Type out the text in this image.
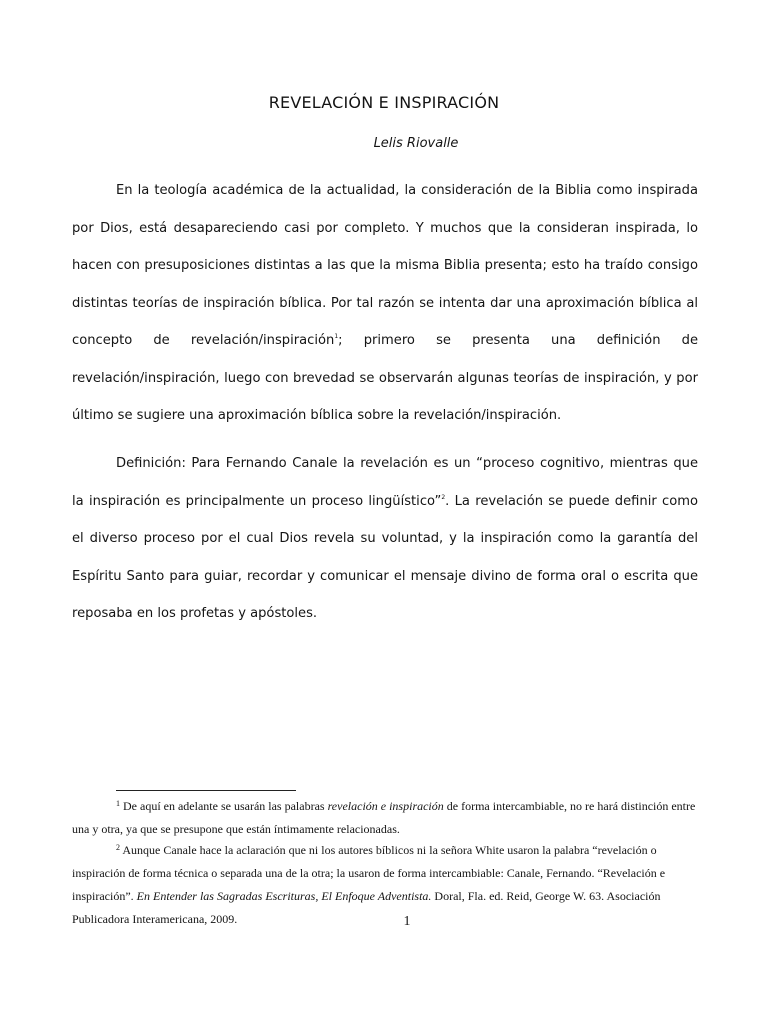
REVELACIÓN E INSPIRACIÓN
Lelis Riovalle

En la teología académica de la actualidad, la consideración de la Biblia como inspirada por Dios, está desapareciendo casi por completo. Y muchos que la consideran inspirada, lo hacen con presuposiciones distintas a las que la misma Biblia presenta; esto ha traído consigo distintas teorías de inspiración bíblica. Por tal razón se intenta dar una aproximación bíblica al concepto de revelación/inspiración$^1$; primero se presenta una definición de revelación/inspiración, luego con brevedad se observarán algunas teorías de inspiración, y por último se sugiere una aproximación bíblica sobre la revelación/inspiración.

Definición: Para Fernando Canale la revelación es un “proceso cognitivo, mientras que la inspiración es principalmente un proceso lingüístico”$^2$. La revelación se puede definir como el diverso proceso por el cual Dios revela su voluntad, y la inspiración como la garantía del Espíritu Santo para guiar, recordar y comunicar el mensaje divino de forma oral o escrita que reposaba en los profetas y apóstoles.

$^1$ De aquí en adelante se usarán las palabras revelación e inspiración de forma intercambiable, no re hará distinción entre una y otra, ya que se presupone que están íntimamente relacionadas.

$^2$ Aunque Canale hace la aclaración que ni los autores bíblicos ni la señora White usaron la palabra “revelación o inspiración de forma técnica o separada una de la otra; la usaron de forma intercambiable: Canale, Fernando. “Revelación e inspiración”. En Entender las Sagradas Escrituras, El Enfoque Adventista. Doral, Fla. ed. Reid, George W. 63. Asociación Publicadora Interamericana, 2009.	1
